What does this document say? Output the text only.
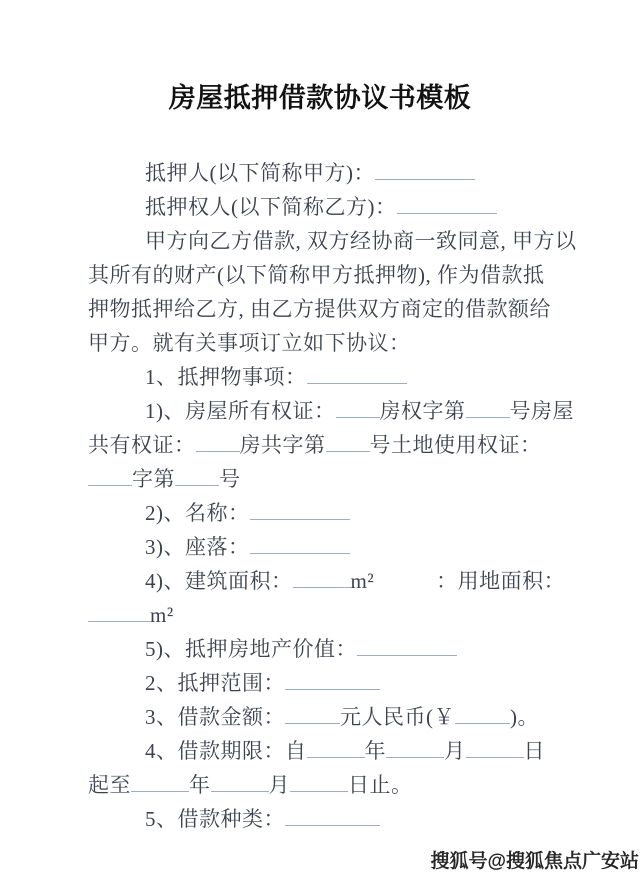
房屋抵押借款协议书模板
抵押人(以下简称甲方)：
抵押权人(以下简称乙方)：
甲方向乙方借款, 双方经协商一致同意, 甲方以
其所有的财产(以下简称甲方抵押物), 作为借款抵
押物抵押给乙方, 由乙方提供双方商定的借款额给
甲方。就有关事项订立如下协议：
1、抵押物事项：
1)、房屋所有权证： 房权字第 号房屋
共有权证： 房共字第 号土地使用权证：
字第 号
2)、名称：
3)、座落：
4)、建筑面积：	m²	：用地面积：
m²
5)、抵押房地产价值：
2、抵押范围：
3、借款金额：	元人民币(￥	)。
4、借款期限：自	年	月	日
起至	年	月	日止。
5、借款种类：
搜狐号@搜狐焦点广安站
